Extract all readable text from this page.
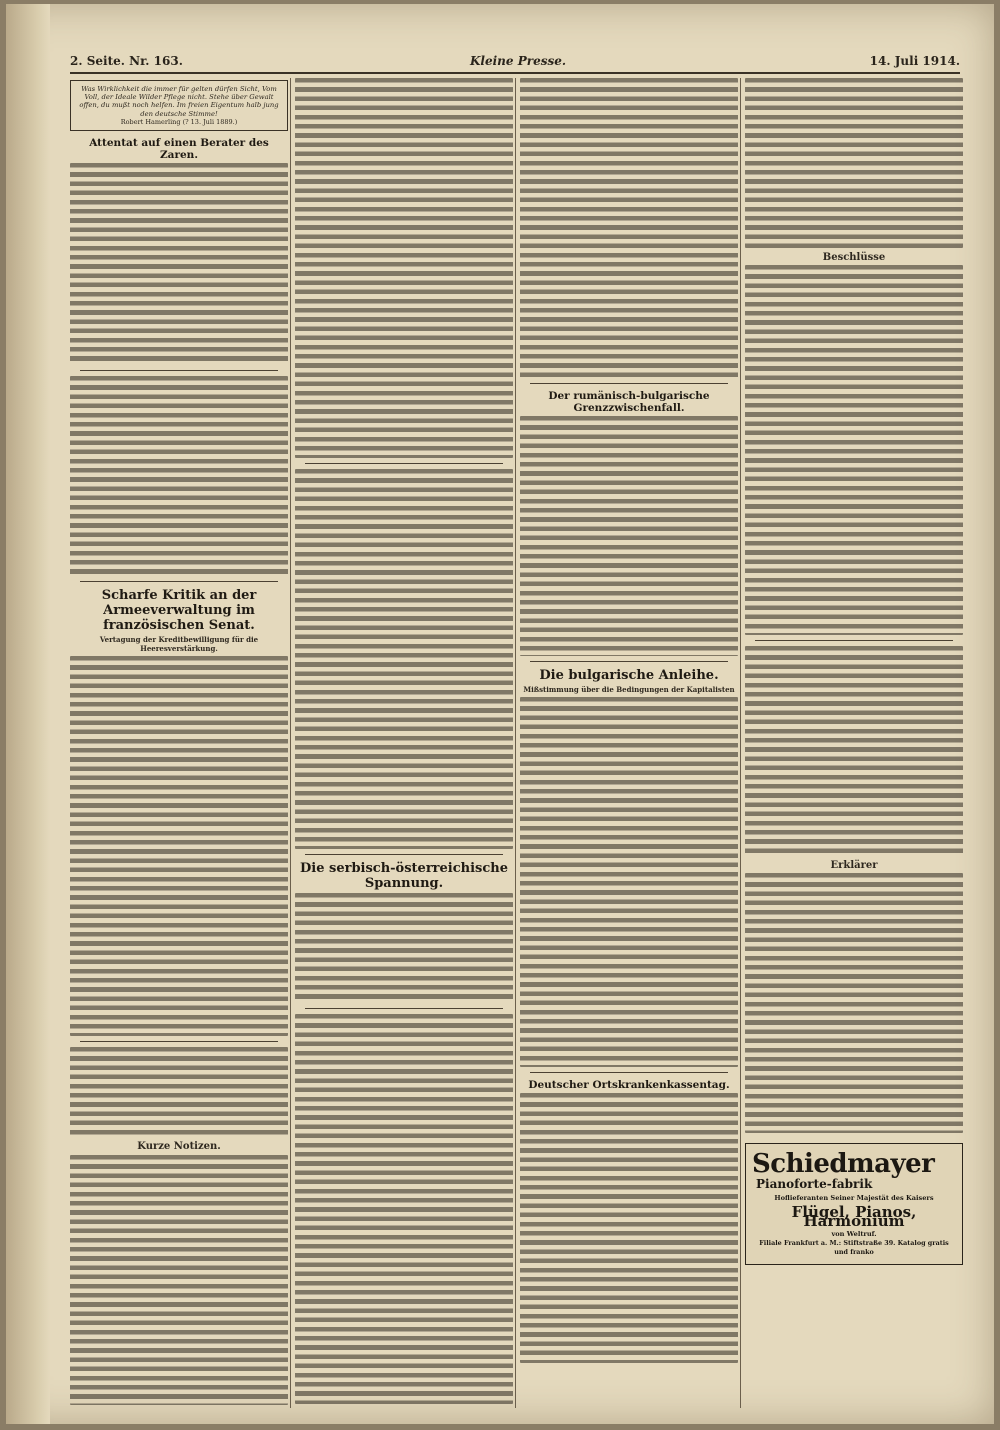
2. Seite. Nr. 163.	Kleine Presse.	14. Juli 1914.
Was Wirklichkeit die immer für gelten dürfen Sicht, Vom Voll, der Ideale Wilder Pflege nicht. Stehe über Gewalt offen, du mußt noch helfen. Im freien Eigentum halb jung den deutsche Stimme!
Robert Hamerling (? 13. Juli 1889.)
Attentat auf einen Berater des Zaren.
Scharfe Kritik an der Armeeverwaltung im französischen Senat.
Vertagung der Kreditbewilligung für die Heeresverstärkung.
Kurze Notizen.
Die serbisch-österreichische Spannung.
Der rumänisch-bulgarische Grenzzwischenfall.
Die bulgarische Anleihe.
Mißstimmung über die Bedingungen der Kapitalisten
Deutscher Ortskrankenkassentag.
Beschlüsse
Erklärer
Schiedmayer Pianoforte-fabrik
Hoflieferanten Seiner Majestät des Kaisers
Flügel, Pianos, Harmonium
von Weltruf.
Filiale Frankfurt a. M.: Stiftstraße 39. Katalog gratis und franko
